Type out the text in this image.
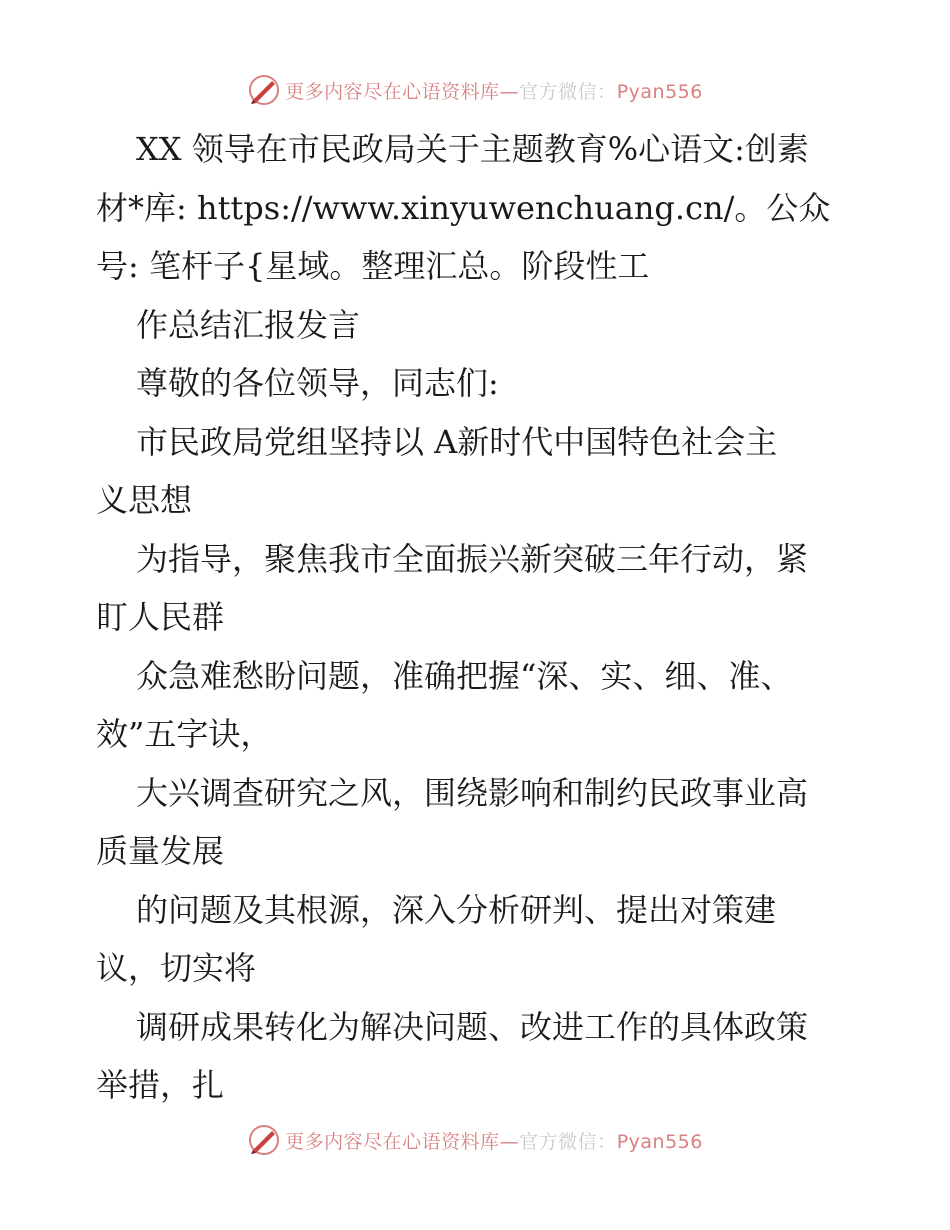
更多内容尽在心语资料库—官方微信：Pyan556
XX 领导在市民政局关于主题教育%心语文:创素
材*库: https://www.xinyuwenchuang.cn/。公众
号: 笔杆子{星域。整理汇总。阶段性工
作总结汇报发言
尊敬的各位领导，同志们:
市民政局党组坚持以 A新时代中国特色社会主
义思想
为指导，聚焦我市全面振兴新突破三年行动，紧
盯人民群
众急难愁盼问题，准确把握“深、实、细、准、
效”五字诀，
大兴调查研究之风，围绕影响和制约民政事业高
质量发展
的问题及其根源，深入分析研判、提出对策建
议，切实将
调研成果转化为解决问题、改进工作的具体政策
举措，扎
更多内容尽在心语资料库—官方微信：Pyan556
